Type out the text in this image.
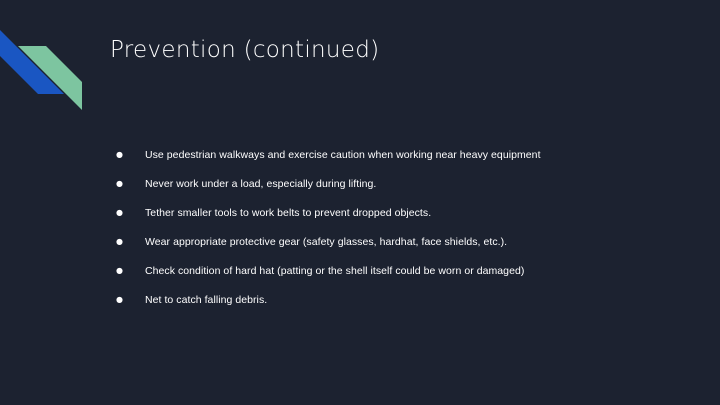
Prevention (continued)
●	Use pedestrian walkways and exercise caution when working near heavy equipment
●	Never work under a load, especially during lifting.
●	Tether smaller tools to work belts to prevent dropped objects.
●	Wear appropriate protective gear (safety glasses, hardhat, face shields, etc.).
●	Check condition of hard hat (patting or the shell itself could be worn or damaged)
●	Net to catch falling debris.
